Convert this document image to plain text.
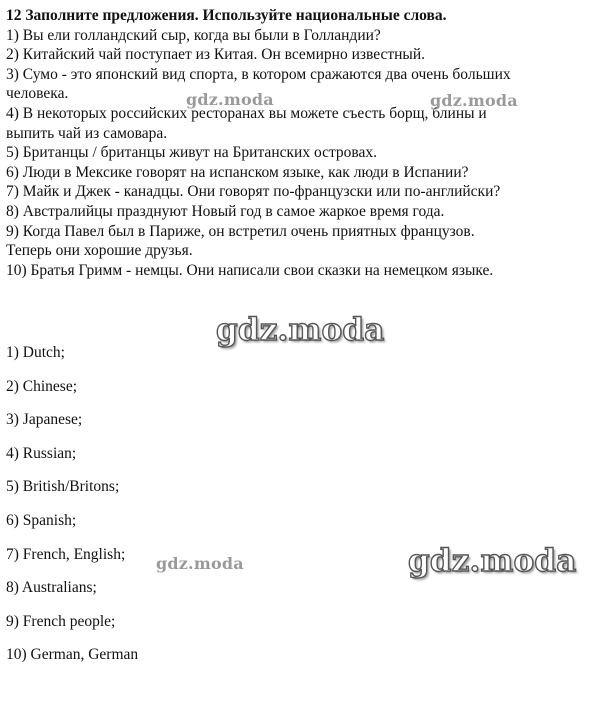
12 Заполните предложения. Используйте национальные слова.

1) Вы ели голландский сыр, когда вы были в Голландии?

2) Китайский чай поступает из Китая. Он всемирно известный.

3) Сумо - это японский вид спорта, в котором сражаются два очень больших

человека.

4) В некоторых российских ресторанах вы можете съесть борщ, блины и

выпить чай из самовара.

5) Британцы / британцы живут на Британских островах.

6) Люди в Мексике говорят на испанском языке, как люди в Испании?

7) Майк и Джек - канадцы. Они говорят по-французски или по-английски?

8) Австралийцы празднуют Новый год в самое жаркое время года.

9) Когда Павел был в Париже, он встретил очень приятных французов.

Теперь они хорошие друзья.

10) Братья Гримм - немцы. Они написали свои сказки на немецком языке.

1) Dutch;
2) Chinese;
3) Japanese;
4) Russian;
5) British/Britons;
6) Spanish;
7) French, English;
8) Australians;
9) French people;
10) German, German
gdz.moda	gdz.moda
gdz.moda
gdz.moda
gdz.moda
